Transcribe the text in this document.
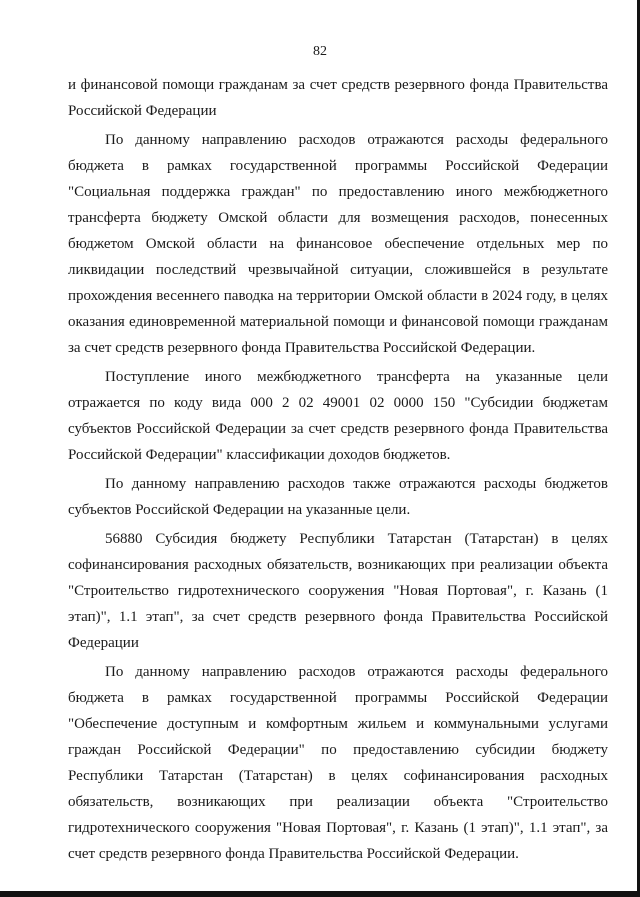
82

и финансовой помощи гражданам за счет средств резервного фонда Правительства Российской Федерации

По данному направлению расходов отражаются расходы федерального бюджета в рамках государственной программы Российской Федерации "Социальная поддержка граждан" по предоставлению иного межбюджетного трансферта бюджету Омской области для возмещения расходов, понесенных бюджетом Омской области на финансовое обеспечение отдельных мер по ликвидации последствий чрезвычайной ситуации, сложившейся в результате прохождения весеннего паводка на территории Омской области в 2024 году, в целях оказания единовременной материальной помощи и финансовой помощи гражданам за счет средств резервного фонда Правительства Российской Федерации.

Поступление иного межбюджетного трансферта на указанные цели отражается по коду вида 000 2 02 49001 02 0000 150 "Субсидии бюджетам субъектов Российской Федерации за счет средств резервного фонда Правительства Российской Федерации" классификации доходов бюджетов.

По данному направлению расходов также отражаются расходы бюджетов субъектов Российской Федерации на указанные цели.

56880 Субсидия бюджету Республики Татарстан (Татарстан) в целях софинансирования расходных обязательств, возникающих при реализации объекта "Строительство гидротехнического сооружения "Новая Портовая", г. Казань (1 этап)", 1.1 этап", за счет средств резервного фонда Правительства Российской Федерации

По данному направлению расходов отражаются расходы федерального бюджета в рамках государственной программы Российской Федерации "Обеспечение доступным и комфортным жильем и коммунальными услугами граждан Российской Федерации" по предоставлению субсидии бюджету Республики Татарстан (Татарстан) в целях софинансирования расходных обязательств, возникающих при реализации объекта "Строительство гидротехнического сооружения "Новая Портовая", г. Казань (1 этап)", 1.1 этап", за счет средств резервного фонда Правительства Российской Федерации.
